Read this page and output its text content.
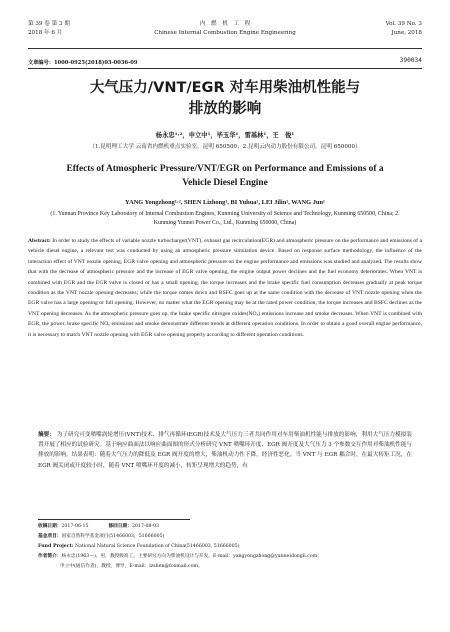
第 39 卷 第 3 期
2018 年 6 月
内　燃　机　工　程
Chinese Internal Combustion Engine Engineering
Vol. 39 No. 3
June, 2018
文章编号：1000-0925(2018)03-0036-09	390034
大气压力/VNT/EGR 对车用柴油机性能与
排放的影响
杨永忠¹·²，申立中¹，毕玉华¹，雷基林¹，王　俊¹
（1.昆明理工大学 云南省内燃机重点实验室，昆明 650500；2.昆明云内动力股份有限公司，昆明 650000）
Effects of Atmospheric Pressure/VNT/EGR on Performance and Emissions of a
Vehicle Diesel Engine
YANG Yongzhong¹·², SHEN Lizhong¹, BI Yuhua¹, LEI Jilin¹, WANG Jun¹
(1. Yunnan Province Key Laboratory of Internal Combustion Engines, Kunming University of Science and Technology, Kunming 650500, China; 2. Kunming Yunnei Power Co., Ltd., Kunming 650000, China)

Abstract: In order to study the effects of variable nozzle turbocharger(VNT), exhaust gas recirculation(EGR) and atmospheric pressure on the performance and emissions of a vehicle diesel engine, a relevant test was conducted by using an atmospheric pressure simulation device. Based on response surface methodology, the influence of the interaction effect of VNT nozzle opening, EGR valve opening and atmospheric pressure on the engine performance and emissions was studied and analyzed. The results show that with the decrease of atmospheric pressure and the increase of EGR valve opening, the engine output power declines and the fuel economy deteriorates. When VNT is combined with EGR and the EGR valve is closed or has a small opening, the torque increases and the brake specific fuel consumption decreases gradually at peak torque condition as the VNT nozzle opening decreases; while the torque comes down and BSFC goes up at the same condition with the decrease of VNT nozzle opening when the EGR valve has a large opening or full opening. However, no matter what the EGR opening may be at the rated power condition, the torque increases and BSFC declines as the VNT opening decreases. As the atmospheric pressure goes up, the brake specific nitrogen oxides(NOₓ) emissions increase and smoke decreases. When VNT is combined with EGR, the power, brake specific NOₓ emissions and smoke demonstrate different trends at different operation conditions. In order to obtain a good overall engine performance, it is necessary to match VNT nozzle opening with EGR valve opening properly according to different operation conditions.

摘要： 为了研究可变喷嘴涡轮增压(VNT)技术、排气再循环(EGR)技术及大气压力三者共同作用对车用柴油机性能与排放的影响，利用大气压力模拟装置开展了相应的试验研究。基于响应曲面法以响应曲面图的形式分析研究 VNT 喷嘴环开度、EGR 阀开度及大气压力 3 个参数交互作用对柴油机性能与排放的影响。结果表明：随着大气压力的降低及 EGR 阀开度的增大，柴油机动力性下降，经济性恶化。当 VNT 与 EGR 耦合时，在最大转矩工况，在 EGR 阀关闭或开度较小时，随着 VNT 喷嘴环开度的减小，转矩呈现增大的趋势，有

收稿日期：2017-06-15	修回日期：2017-08-03
基金项目：国家自然科学基金项目(51466003，51666005)
Fund Project: National Natural Science Foundation of China(51466003, 51666005)
作者简介：杨永忠(1963—)，男，教授级高工，主要研究方向为柴油机设计与开发，E-mail：yangyongzhong@yunneidongli.com；
申立中(通信作者)，教授，博导，E-mail：lzshen@foxmail.com。
